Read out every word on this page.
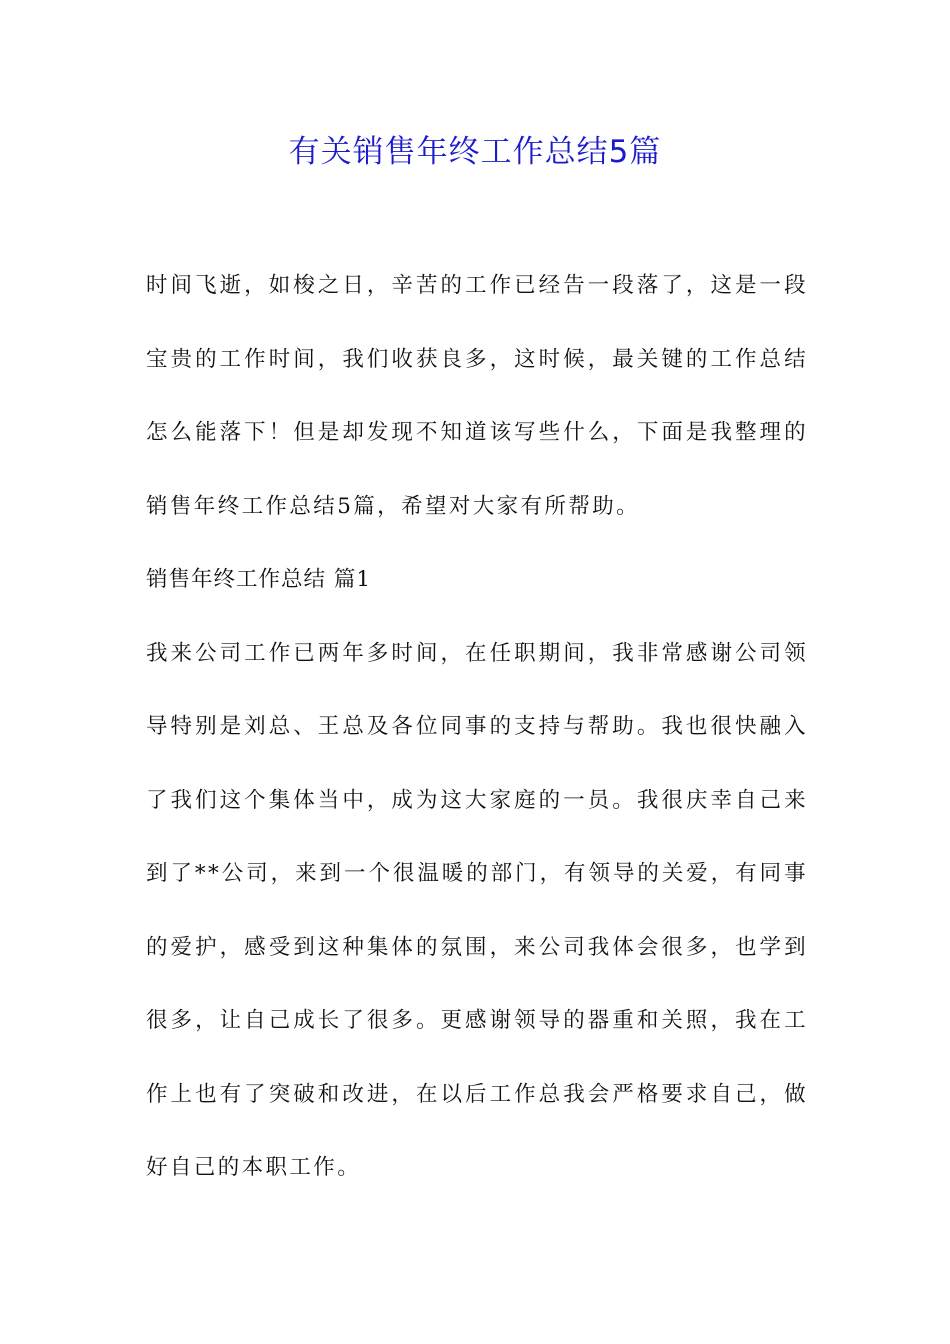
有关销售年终工作总结5篇

时间飞逝，如梭之日，辛苦的工作已经告一段落了，这是一段宝贵的工作时间，我们收获良多，这时候，最关键的工作总结怎么能落下！但是却发现不知道该写些什么，下面是我整理的销售年终工作总结5篇，希望对大家有所帮助。

销售年终工作总结 篇1

我来公司工作已两年多时间，在任职期间，我非常感谢公司领导特别是刘总、王总及各位同事的支持与帮助。我也很快融入了我们这个集体当中，成为这大家庭的一员。我很庆幸自己来到了**公司，来到一个很温暖的部门，有领导的关爱，有同事的爱护，感受到这种集体的氛围，来公司我体会很多，也学到很多，让自己成长了很多。更感谢领导的器重和关照，我在工作上也有了突破和改进，在以后工作总我会严格要求自己，做好自己的本职工作。
